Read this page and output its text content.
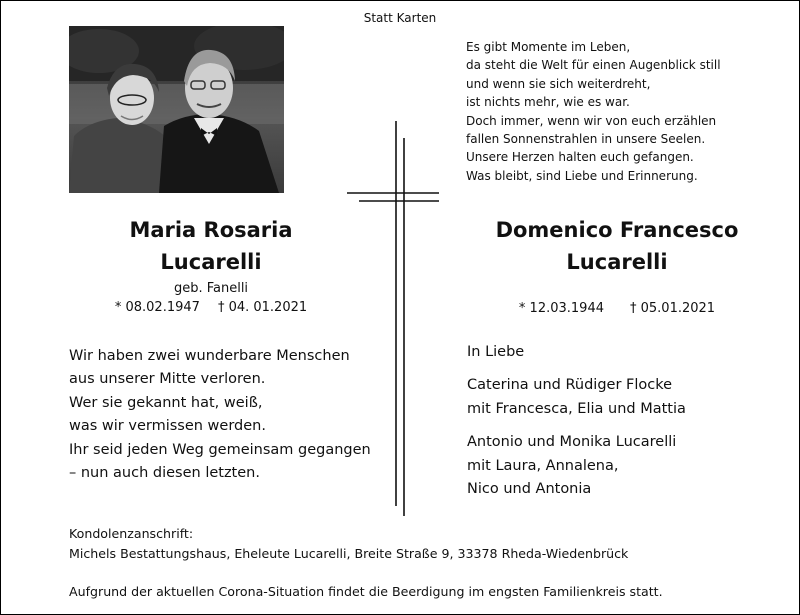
Statt Karten
Es gibt Momente im Leben,
da steht die Welt für einen Augenblick still
und wenn sie sich weiterdreht,
ist nichts mehr, wie es war.
Doch immer, wenn wir von euch erzählen
fallen Sonnenstrahlen in unsere Seelen.
Unsere Herzen halten euch gefangen.
Was bleibt, sind Liebe und Erinnerung.
Maria Rosaria
Lucarelli
geb. Fanelli
* 08.02.1947 † 04. 01.2021
Domenico Francesco
Lucarelli
* 12.03.1944 † 05.01.2021
Wir haben zwei wunderbare Menschen
aus unserer Mitte verloren.
Wer sie gekannt hat, weiß,
was wir vermissen werden.
Ihr seid jeden Weg gemeinsam gegangen
– nun auch diesen letzten.
In Liebe
Caterina und Rüdiger Flocke
mit Francesca, Elia und Mattia
Antonio und Monika Lucarelli
mit Laura, Annalena,
Nico und Antonia
Kondolenzanschrift:
Michels Bestattungshaus, Eheleute Lucarelli, Breite Straße 9, 33378 Rheda-Wiedenbrück
Aufgrund der aktuellen Corona-Situation findet die Beerdigung im engsten Familienkreis statt.
